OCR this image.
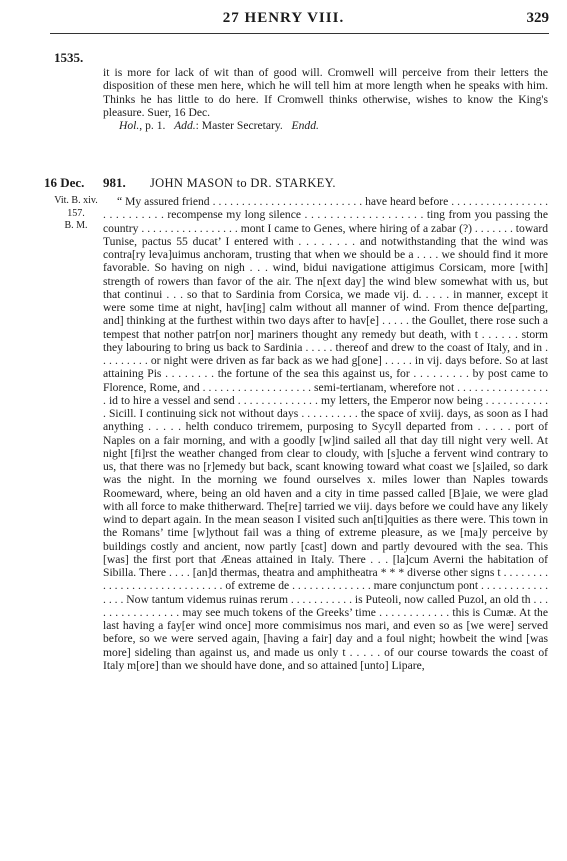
27 HENRY VIII.	329
1535.

it is more for lack of wit than of good will. Cromwell will perceive from their letters the disposition of these men here, which he will tell him at more length when he speaks with him. Thinks he has little to do here. If Cromwell thinks otherwise, wishes to know the King's pleasure. Suer, 16 Dec.

Hol., p. 1. Add.: Master Secretary. Endd.

16 Dec. 981. JOHN MASON to DR. STARKEY.
Vit. B. xiv.
157.
B. M.

“ My assured friend . . . . . . . . . . . . . . . . . . . . . . . . . . have heard before . . . . . . . . . . . . . . . . . . . . . . . . . . . recompense my long silence . . . . . . . . . . . . . . . . . . . ting from you passing the country . . . . . . . . . . . . . . . . . mont I came to Genes, where hiring of a zabar (?) . . . . . . . toward Tunise, pactus 55 ducat’ I entered with . . . . . . . . and notwithstanding that the wind was contra[ry leva]uimus anchoram, trusting that when we should be a . . . . we should find it more favorable. So having on nigh . . . wind, bidui navigatione attigimus Corsicam, more [with] strength of rowers than favor of the air. The n[ext day] the wind blew somewhat with us, but that continui . . . so that to Sardinia from Corsica, we made vij. d. . . . . in manner, except it were some time at night, hav[ing] calm without all manner of wind. From thence de[parting, and] thinking at the furthest within two days after to hav[e] . . . . . the Goullet, there rose such a tempest that nother patr[on nor] mariners thought any remedy but death, with t . . . . . . storm they labouring to bring us back to Sardinia . . . . . thereof and drew to the coast of Italy, and in . . . . . . . . . or night were driven as far back as we had g[one] . . . . . in vij. days before. So at last attaining Pis . . . . . . . . the fortune of the sea this against us, for . . . . . . . . . by post came to Florence, Rome, and . . . . . . . . . . . . . . . . . . . semi-tertianam, wherefore not . . . . . . . . . . . . . . . . . id to hire a vessel and send . . . . . . . . . . . . . . my letters, the Emperor now being . . . . . . . . . . . . Sicill. I continuing sick not without days . . . . . . . . . . the space of xviij. days, as soon as I had anything . . . . . helth conduco triremem, purposing to Sycyll departed from . . . . . port of Naples on a fair morning, and with a goodly [w]ind sailed all that day till night very well. At night [fi]rst the weather changed from clear to cloudy, with [s]uche a fervent wind contrary to us, that there was no [r]emedy but back, scant knowing toward what coast we [s]ailed, so dark was the night. In the morning we found ourselves x. miles lower than Naples towards Roomeward, where, being an old haven and a city in time passed called [B]aie, we were glad with all force to make thitherward. The[re] tarried we viij. days before we could have any likely wind to depart again. In the mean season I visited such an[ti]quities as there were. This town in the Romans’ time [w]ythout fail was a thing of extreme pleasure, as we [ma]y perceive by buildings costly and ancient, now partly [cast] down and partly devoured with the sea. This [was] the first port that Æneas attained in Italy. There . . . [la]cum Averni the habitation of Sibilla. There . . . . [an]d thermas, theatra and amphitheatra * * * diverse other signs t . . . . . . . . . . . . . . . . . . . . . . . . . . . . . of extreme de . . . . . . . . . . . . . . mare conjunctum pont . . . . . . . . . . . . . . . . Now tantum videmus ruinas rerum . . . . . . . . . . . is Puteoli, now called Puzol, an old th . . . . . . . . . . . . . . . . may see much tokens of the Greeks’ time . . . . . . . . . . . . this is Cumæ. At the last having a fay[er wind once] more commisimus nos mari, and even so as [we were] served before, so we were served again, [having a fair] day and a foul night; howbeit the wind [was more] sideling than against us, and made us only t . . . . . of our course towards the coast of Italy m[ore] than we should have done, and so attained [unto] Lipare,
